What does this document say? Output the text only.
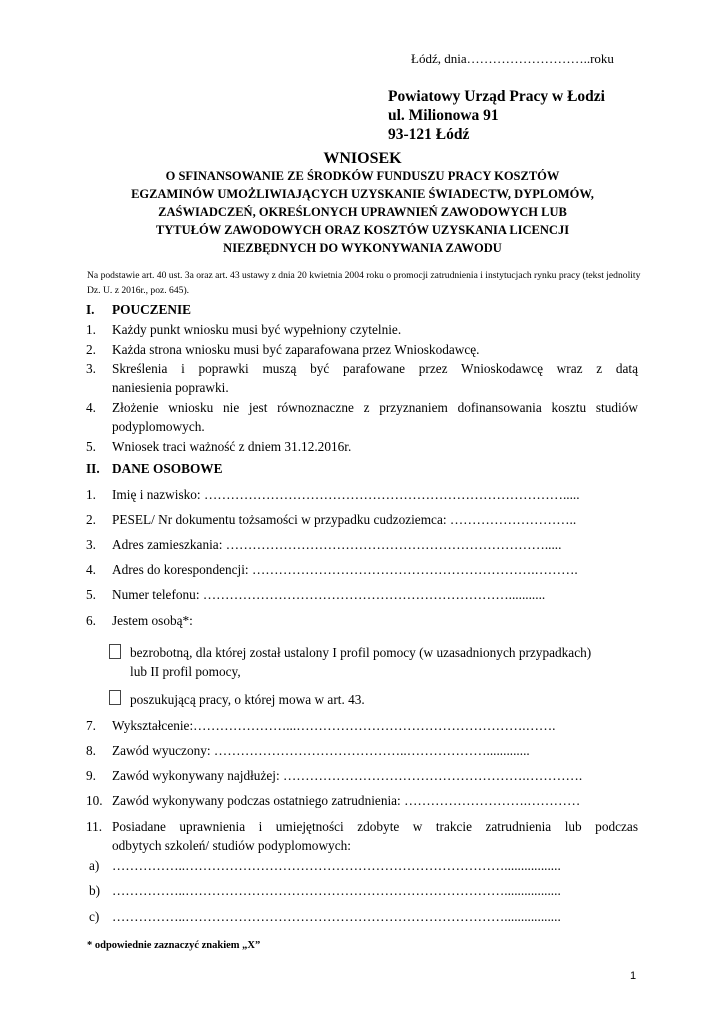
Łódź, dnia………………………..roku
Powiatowy Urząd Pracy w Łodzi
ul. Milionowa 91
93-121 Łódź
WNIOSEK
O SFINANSOWANIE ZE ŚRODKÓW FUNDUSZU PRACY KOSZTÓW
EGZAMINÓW UMOŻLIWIAJĄCYCH UZYSKANIE ŚWIADECTW, DYPLOMÓW,
ZAŚWIADCZEŃ, OKREŚLONYCH UPRAWNIEŃ ZAWODOWYCH LUB
TYTUŁÓW ZAWODOWYCH ORAZ KOSZTÓW UZYSKANIA LICENCJI
NIEZBĘDNYCH DO WYKONYWANIA ZAWODU
Na podstawie art. 40 ust. 3a oraz art. 43 ustawy z dnia 20 kwietnia 2004 roku o promocji zatrudnienia i instytucjach rynku pracy (tekst jednolity Dz. U. z 2016r., poz. 645).
I. POUCZENIE
1. Każdy punkt wniosku musi być wypełniony czytelnie.
2. Każda strona wniosku musi być zaparafowana przez Wnioskodawcę.
3. Skreślenia i poprawki muszą być parafowane przez Wnioskodawcę wraz z datą
naniesienia poprawki.
4. Złożenie wniosku nie jest równoznaczne z przyznaniem dofinansowania kosztu studiów
podyplomowych.
5. Wniosek traci ważność z dniem 31.12.2016r.
II. DANE OSOBOWE
1. Imię i nazwisko: ……………………………………………………………………….....
2. PESEL/ Nr dokumentu tożsamości w przypadku cudzoziemca: ………………………..
3. Adres zamieszkania: ……………………………………………………………….....
4. Adres do korespondencji: ……………………………………………………….……….
5. Numer telefonu: ……………………………………………………………...........
6. Jestem osobą*:
bezrobotną, dla której został ustalony I profil pomocy (w uzasadnionych przypadkach)
lub II profil pomocy,
poszukującą pracy, o której mowa w art. 43.
7. Wykształcenie:…………………...…………………………………………….…….
8. Zawód wyuczony: ……………………………………..……………….............
9. Zawód wykonywany najdłużej: ……………………………………………….………….
10. Zawód wykonywany podczas ostatniego zatrudnienia: ……………………….…………
11. Posiadane uprawnienia i umiejętności zdobyte w trakcie zatrudnienia lub podczas
odbytych szkoleń/ studiów podyplomowych:
a) ……………..……………………………………………………………….................
b) ……………..……………………………………………………………….................
c) ……………..……………………………………………………………….................
* odpowiednie zaznaczyć znakiem „X”
1
